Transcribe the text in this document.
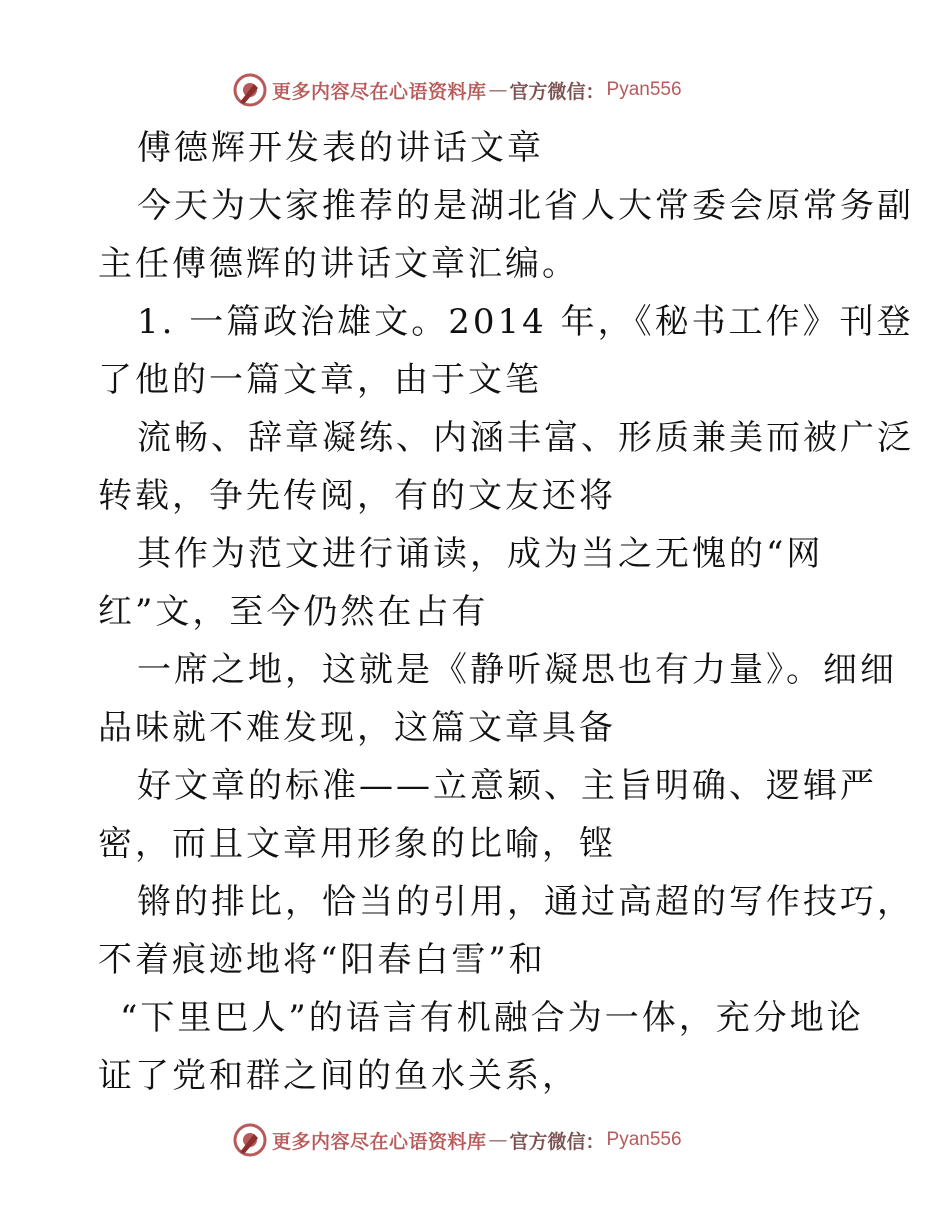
更多内容尽在心语资料库 — 官方微信： Pyan556
傅德辉开发表的讲话文章
今天为大家推荐的是湖北省人大常委会原常务副
主任傅德辉的讲话文章汇编。
1. 一篇政治雄文。2014 年，《秘书工作》刊登
了他的一篇文章，由于文笔
流畅、辞章凝练、内涵丰富、形质兼美而被广泛
转载，争先传阅，有的文友还将
其作为范文进行诵读，成为当之无愧的“网
红”文，至今仍然在占有
一席之地，这就是《静听凝思也有力量》。细细
品味就不难发现，这篇文章具备
好文章的标准——立意颖、主旨明确、逻辑严
密，而且文章用形象的比喻，铿
锵的排比，恰当的引用，通过高超的写作技巧，
不着痕迹地将“阳春白雪”和
“下里巴人”的语言有机融合为一体，充分地论
证了党和群之间的鱼水关系，
更多内容尽在心语资料库 — 官方微信： Pyan556
